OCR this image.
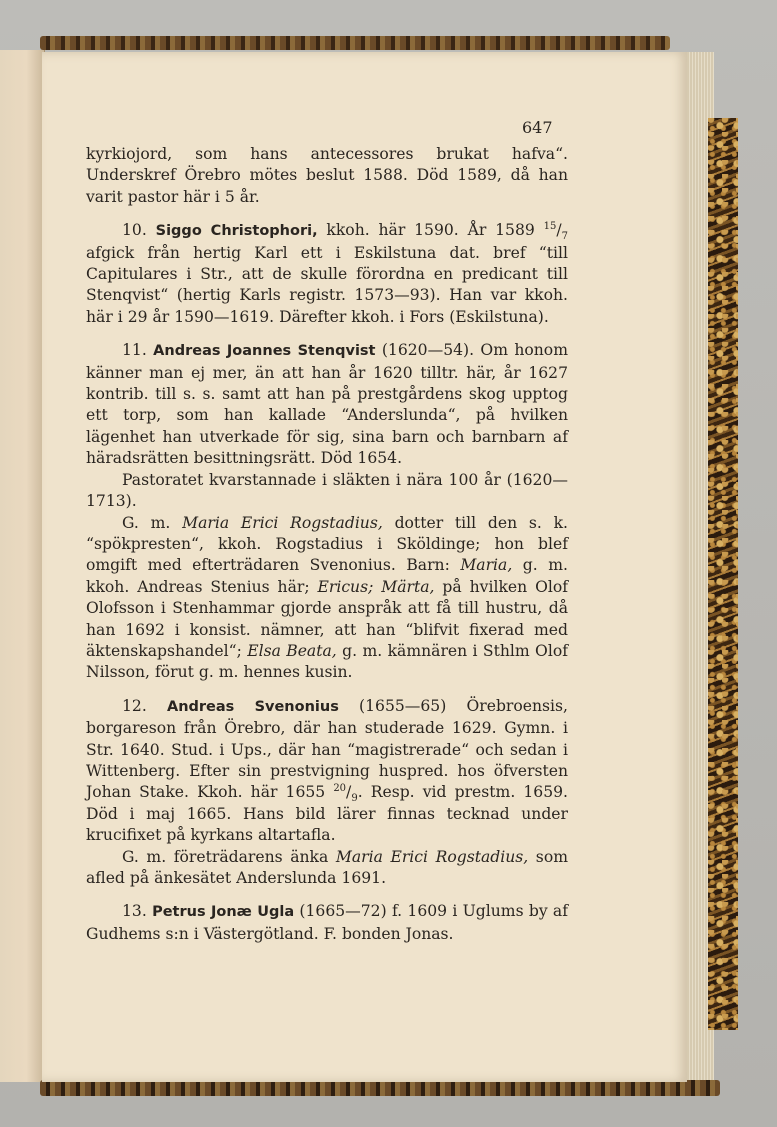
647

kyrkiojord, som hans antecessores brukat hafva“. Underskref Örebro mötes beslut 1588. Död 1589, då han varit pastor här i 5 år.

10. Siggo Christophori, kkoh. här 1590. År 1589 $^{15}/_7$ afgick från hertig Karl ett i Eskilstuna dat. bref “till Capitulares i Str., att de skulle förordna en predicant till Stenqvist“ (hertig Karls registr. 1573—93). Han var kkoh. här i 29 år 1590—1619. Därefter kkoh. i Fors (Eskilstuna).

11. Andreas Joannes Stenqvist (1620—54). Om honom känner man ej mer, än att han år 1620 tilltr. här, år 1627 kontrib. till s. s. samt att han på prestgårdens skog upptog ett torp, som han kallade “Anderslunda“, på hvilken lägenhet han utverkade för sig, sina barn och barnbarn af häradsrätten besittningsrätt. Död 1654.

Pastoratet kvarstannade i släkten i nära 100 år (1620—1713).

G. m. Maria Erici Rogstadius, dotter till den s. k. “spökpresten“, kkoh. Rogstadius i Sköldinge; hon blef omgift med efterträdaren Svenonius. Barn: Maria, g. m. kkoh. Andreas Stenius här; Ericus; Märta, på hvilken Olof Olofsson i Stenhammar gjorde anspråk att få till hustru, då han 1692 i konsist. nämner, att han “blifvit fixerad med äktenskapshandel“; Elsa Beata, g. m. kämnären i Sthlm Olof Nilsson, förut g. m. hennes kusin.

12. Andreas Svenonius (1655—65) Örebroensis, borgareson från Örebro, där han studerade 1629. Gymn. i Str. 1640. Stud. i Ups., där han “magistrerade“ och sedan i Wittenberg. Efter sin prestvigning huspred. hos öfversten Johan Stake. Kkoh. här 1655 $^{20}/_9$. Resp. vid prestm. 1659. Död i maj 1665. Hans bild lärer finnas tecknad under krucifixet på kyrkans altartafla.

G. m. företrädarens änka Maria Erici Rogstadius, som afled på änkesätet Anderslunda 1691.

13. Petrus Jonæ Ugla (1665—72) f. 1609 i Uglums by af Gudhems s:n i Västergötland. F. bonden Jonas.
